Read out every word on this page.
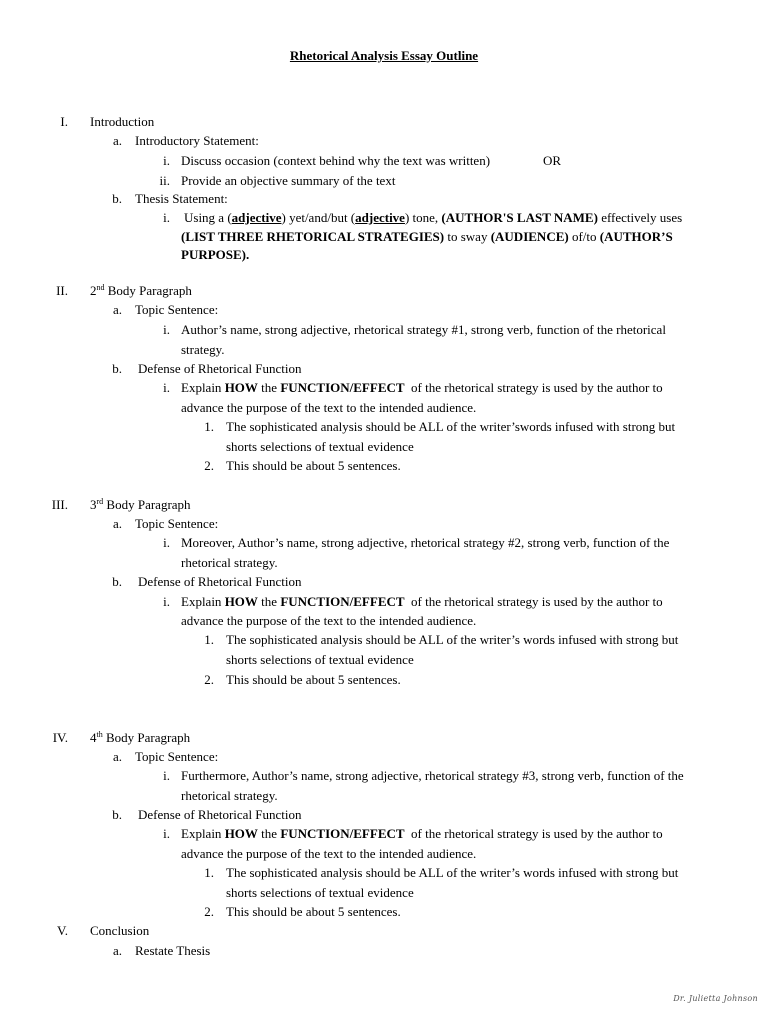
Rhetorical Analysis Essay Outline
I. Introduction
a. Introductory Statement:
i. Discuss occasion (context behind why the text was written)	OR
ii. Provide an objective summary of the text
b. Thesis Statement:
i. Using a (adjective) yet/and/but (adjective) tone, (AUTHOR'S LAST NAME) effectively uses
(LIST THREE RHETORICAL STRATEGIES) to sway (AUDIENCE) of/to (AUTHOR’S
PURPOSE).
II. 2nd Body Paragraph
a. Topic Sentence:
i. Author’s name, strong adjective, rhetorical strategy #1, strong verb, function of the rhetorical
strategy.
b. Defense of Rhetorical Function
i. Explain HOW the FUNCTION/EFFECT  of the rhetorical strategy is used by the author to
advance the purpose of the text to the intended audience.
1. The sophisticated analysis should be ALL of the writer’swords infused with strong but
shorts selections of textual evidence
2. This should be about 5 sentences.
III. 3rd Body Paragraph
a. Topic Sentence:
i. Moreover, Author’s name, strong adjective, rhetorical strategy #2, strong verb, function of the
rhetorical strategy.
b. Defense of Rhetorical Function
i. Explain HOW the FUNCTION/EFFECT  of the rhetorical strategy is used by the author to
advance the purpose of the text to the intended audience.
1. The sophisticated analysis should be ALL of the writer’s words infused with strong but
shorts selections of textual evidence
2. This should be about 5 sentences.
IV. 4th Body Paragraph
a. Topic Sentence:
i. Furthermore, Author’s name, strong adjective, rhetorical strategy #3, strong verb, function of the
rhetorical strategy.
b. Defense of Rhetorical Function
i. Explain HOW the FUNCTION/EFFECT  of the rhetorical strategy is used by the author to
advance the purpose of the text to the intended audience.
1. The sophisticated analysis should be ALL of the writer’s words infused with strong but
shorts selections of textual evidence
2. This should be about 5 sentences.
V. Conclusion
a. Restate Thesis
Dr. Julietta Johnson
